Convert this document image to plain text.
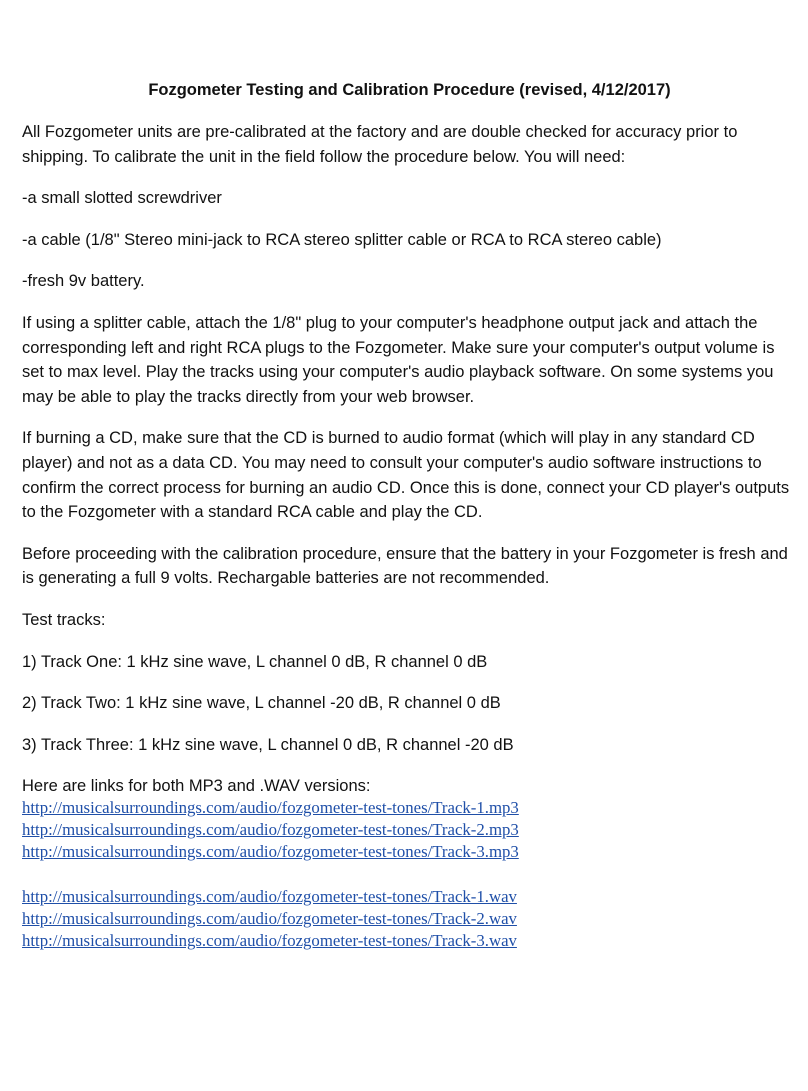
Fozgometer Testing and Calibration Procedure (revised, 4/12/2017)

All Fozgometer units are pre-calibrated at the factory and are double checked for accuracy prior to shipping. To calibrate the unit in the field follow the procedure below. You will need:

-a small slotted screwdriver

-a cable (1/8" Stereo mini-jack to RCA stereo splitter cable or RCA to RCA stereo cable)

-fresh 9v battery.

If using a splitter cable, attach the 1/8" plug to your computer's headphone output jack and attach the corresponding left and right RCA plugs to the Fozgometer. Make sure your computer's output volume is set to max level. Play the tracks using your computer's audio playback software. On some systems you may be able to play the tracks directly from your web browser.

If burning a CD, make sure that the CD is burned to audio format (which will play in any standard CD player) and not as a data CD. You may need to consult your computer's audio software instructions to confirm the correct process for burning an audio CD. Once this is done, connect your CD player's outputs to the Fozgometer with a standard RCA cable and play the CD.

Before proceeding with the calibration procedure, ensure that the battery in your Fozgometer is fresh and is generating a full 9 volts. Rechargable batteries are not recommended.

Test tracks:

1) Track One: 1 kHz sine wave, L channel 0 dB, R channel 0 dB

2) Track Two: 1 kHz sine wave, L channel -20 dB, R channel 0 dB

3) Track Three: 1 kHz sine wave, L channel 0 dB, R channel -20 dB

Here are links for both MP3 and .WAV versions:
http://musicalsurroundings.com/audio/fozgometer-test-tones/Track-1.mp3
http://musicalsurroundings.com/audio/fozgometer-test-tones/Track-2.mp3
http://musicalsurroundings.com/audio/fozgometer-test-tones/Track-3.mp3
http://musicalsurroundings.com/audio/fozgometer-test-tones/Track-1.wav
http://musicalsurroundings.com/audio/fozgometer-test-tones/Track-2.wav
http://musicalsurroundings.com/audio/fozgometer-test-tones/Track-3.wav
